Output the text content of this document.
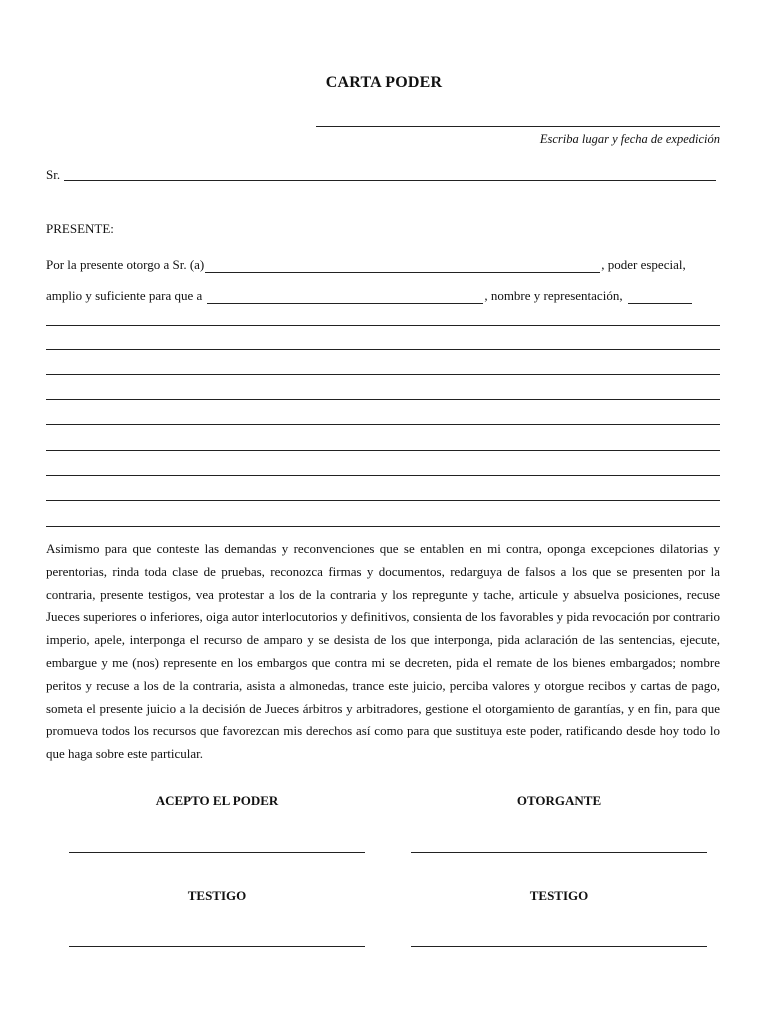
CARTA PODER
Escriba lugar y fecha de expedición
Sr.
PRESENTE:
Por la presente otorgo a Sr. (a)	, poder especial,
amplio y suficiente para que a	, nombre y representación,
Asimismo para que conteste las demandas y reconvenciones que se entablen en mi contra, oponga excepciones dilatorias y perentorias, rinda toda clase de pruebas, reconozca firmas y documentos, redarguya de falsos a los que se presenten por la contraria, presente testigos, vea protestar a los de la contraria y los repregunte y tache, articule y absuelva posiciones, recuse Jueces superiores o inferiores, oiga autor interlocutorios y definitivos, consienta de los favorables y pida revocación por contrario imperio, apele, interponga el recurso de amparo y se desista de los que interponga, pida aclaración de las sentencias, ejecute, embargue y me (nos) represente en los embargos que contra mi se decreten, pida el remate de los bienes embargados; nombre peritos y recuse a los de la contraria, asista a almonedas, trance este juicio, perciba valores y otorgue recibos y cartas de pago, someta el presente juicio a la decisión de Jueces árbitros y arbitradores, gestione el otorgamiento de garantías, y en fin, para que promueva todos los recursos que favorezcan mis derechos así como para que sustituya este poder, ratificando desde hoy todo lo que haga sobre este particular.
ACEPTO EL PODER	OTORGANTE
TESTIGO	TESTIGO
